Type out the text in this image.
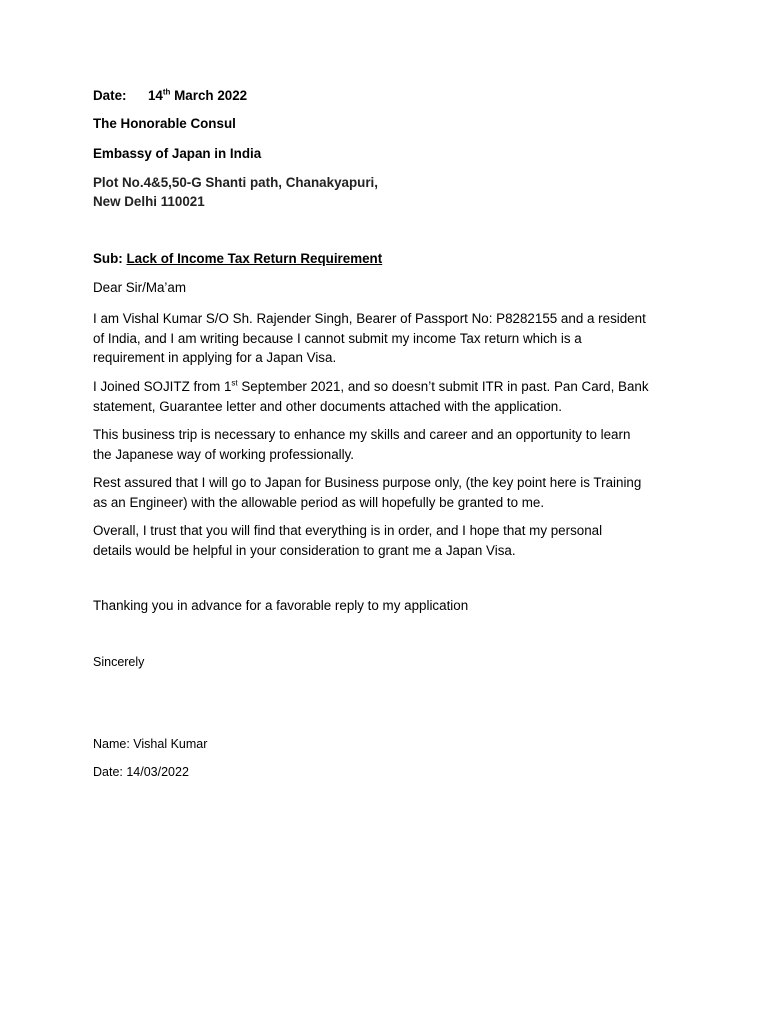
Date: 14th March 2022
The Honorable Consul
Embassy of Japan in India
Plot No.4&5,50-G Shanti path, Chanakyapuri,
New Delhi 110021
Sub: Lack of Income Tax Return Requirement
Dear Sir/Ma’am
I am Vishal Kumar S/O Sh. Rajender Singh, Bearer of Passport No: P8282155 and a resident
of India, and I am writing because I cannot submit my income Tax return which is a
requirement in applying for a Japan Visa.
I Joined SOJITZ from 1st September 2021, and so doesn’t submit ITR in past. Pan Card, Bank
statement, Guarantee letter and other documents attached with the application.
This business trip is necessary to enhance my skills and career and an opportunity to learn
the Japanese way of working professionally.
Rest assured that I will go to Japan for Business purpose only, (the key point here is Training
as an Engineer) with the allowable period as will hopefully be granted to me.
Overall, I trust that you will find that everything is in order, and I hope that my personal
details would be helpful in your consideration to grant me a Japan Visa.
Thanking you in advance for a favorable reply to my application
Sincerely
Name: Vishal Kumar
Date: 14/03/2022
